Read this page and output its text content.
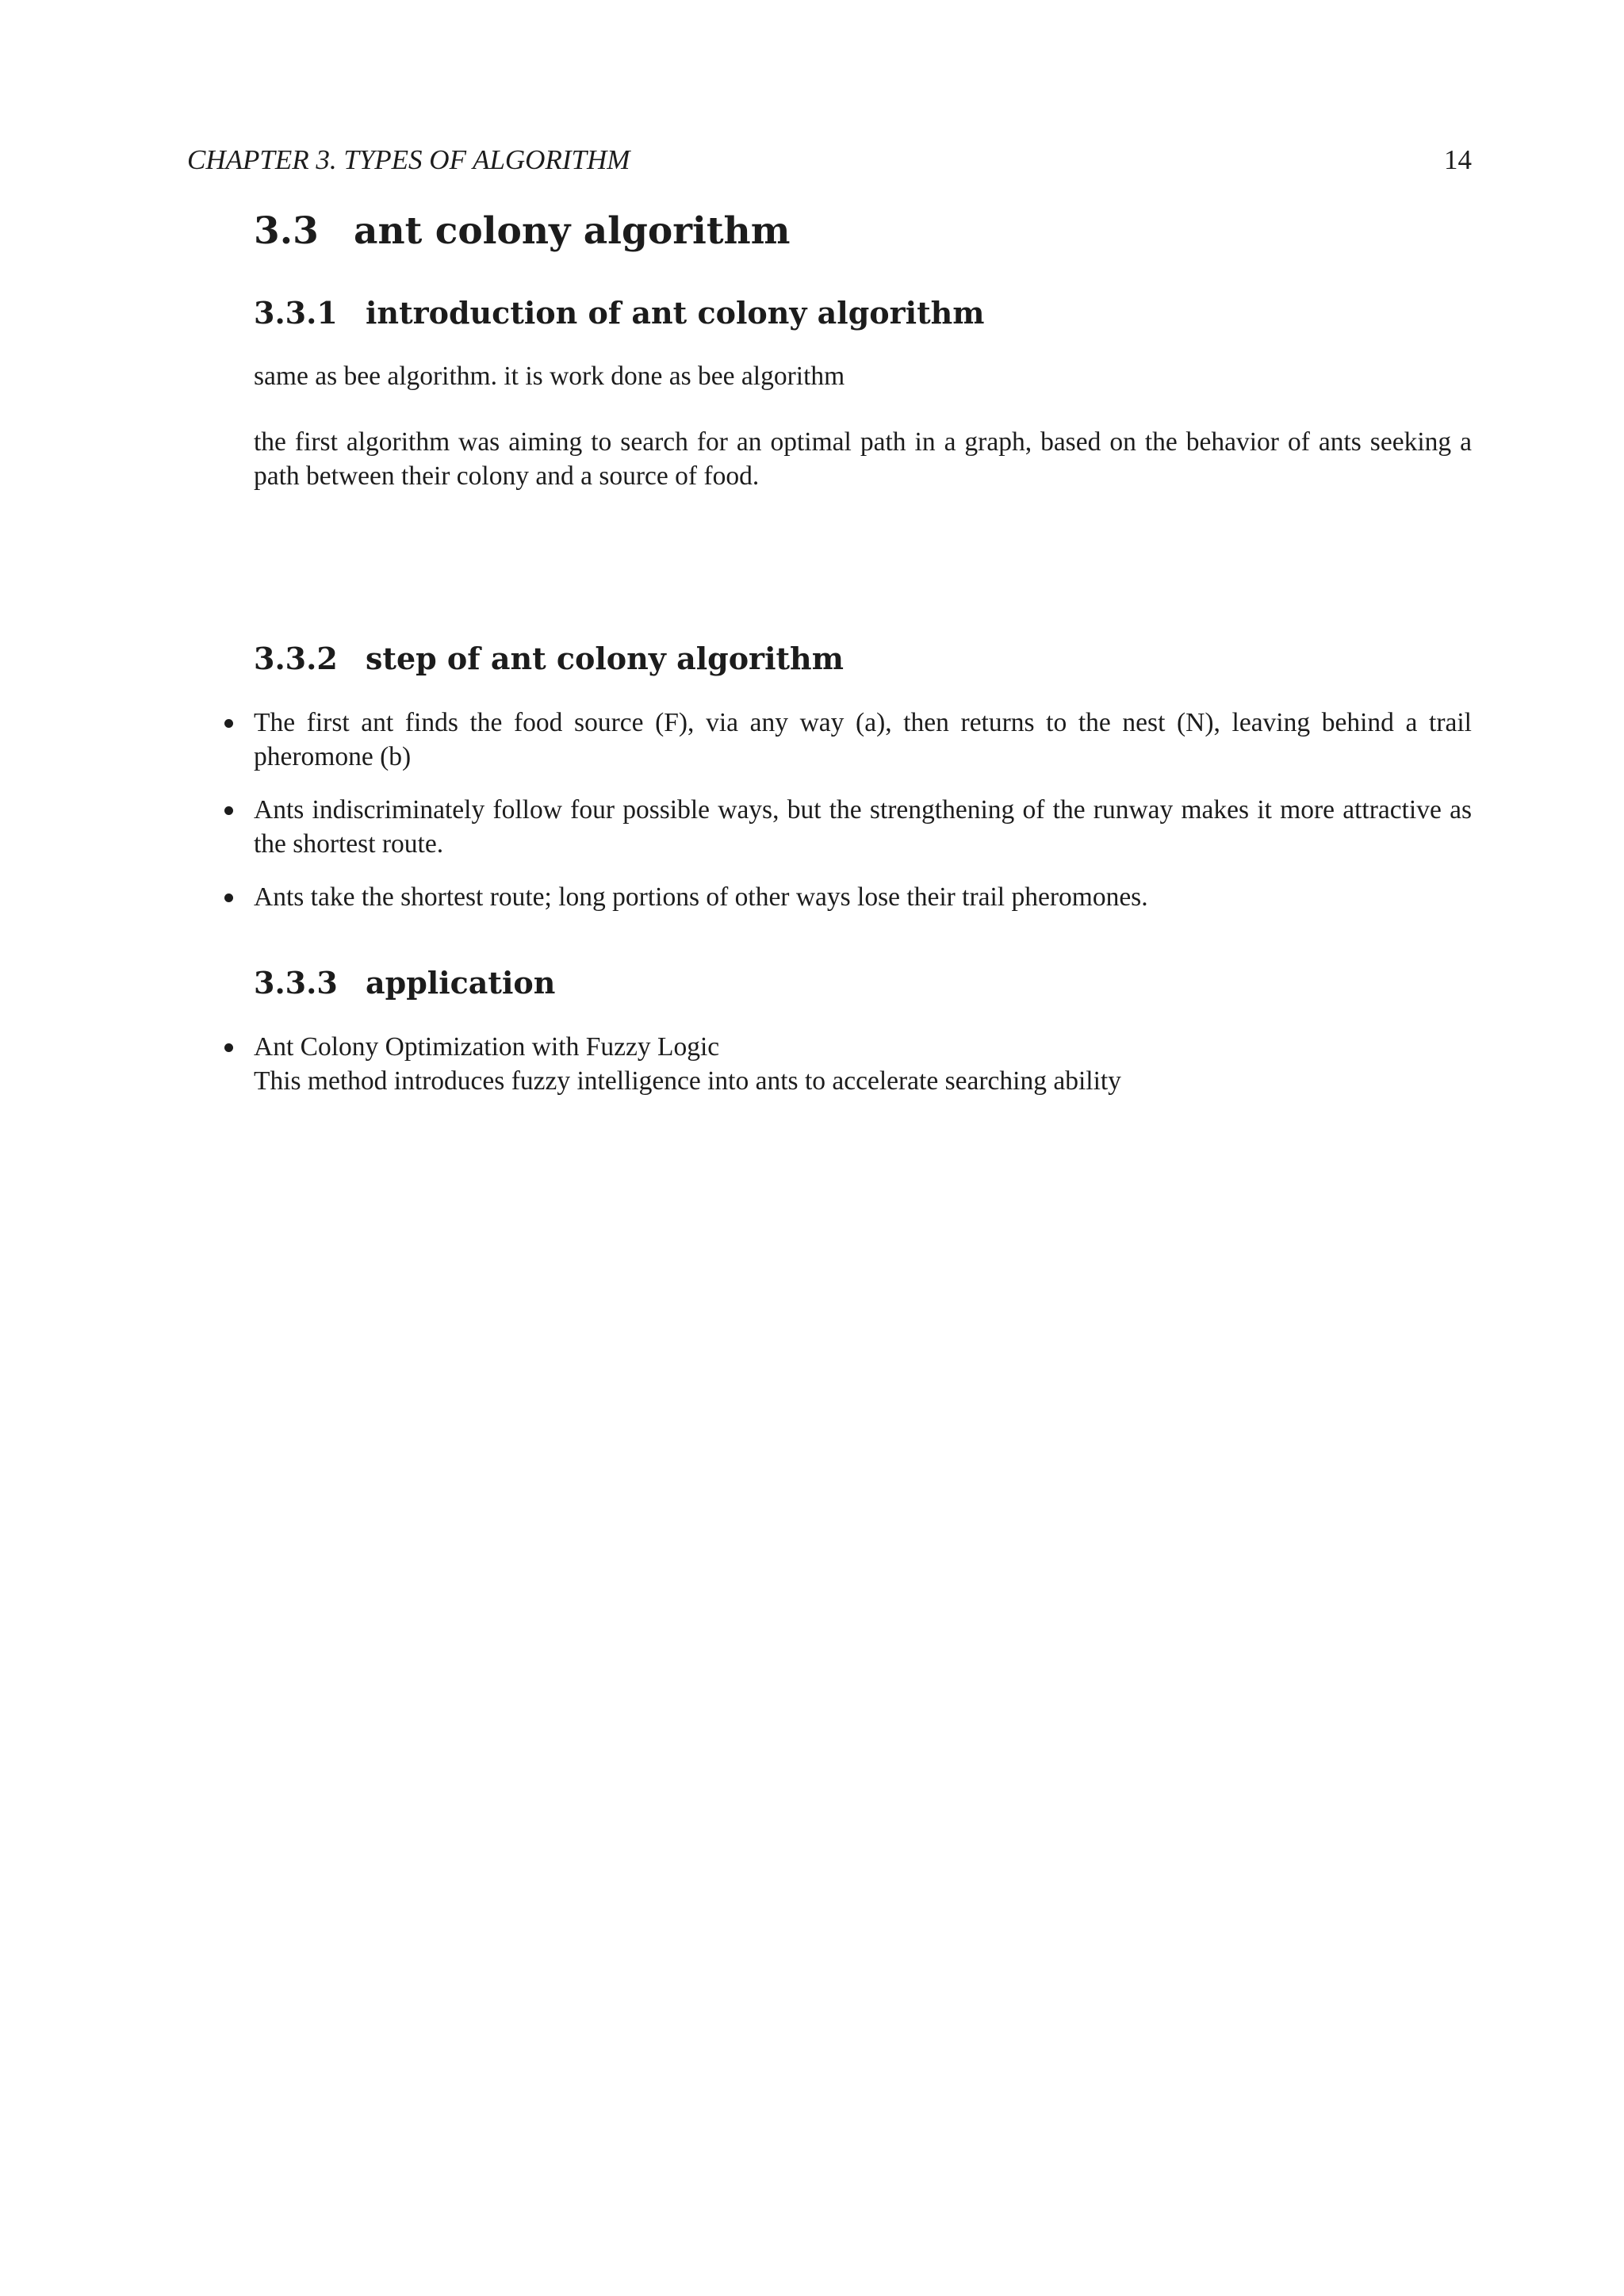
CHAPTER 3. TYPES OF ALGORITHM	14
3.3 ant colony algorithm
3.3.1 introduction of ant colony algorithm
same as bee algorithm. it is work done as bee algorithm
the first algorithm was aiming to search for an optimal path in a graph, based on the behavior of ants seeking a path between their colony and a source of food.
3.3.2 step of ant colony algorithm
The first ant finds the food source (F), via any way (a), then returns to the nest (N), leaving behind a trail pheromone (b)
Ants indiscriminately follow four possible ways, but the strengthening of the runway makes it more attractive as the shortest route.
Ants take the shortest route; long portions of other ways lose their trail pheromones.
3.3.3 application
Ant Colony Optimization with Fuzzy Logic
This method introduces fuzzy intelligence into ants to accelerate searching ability
